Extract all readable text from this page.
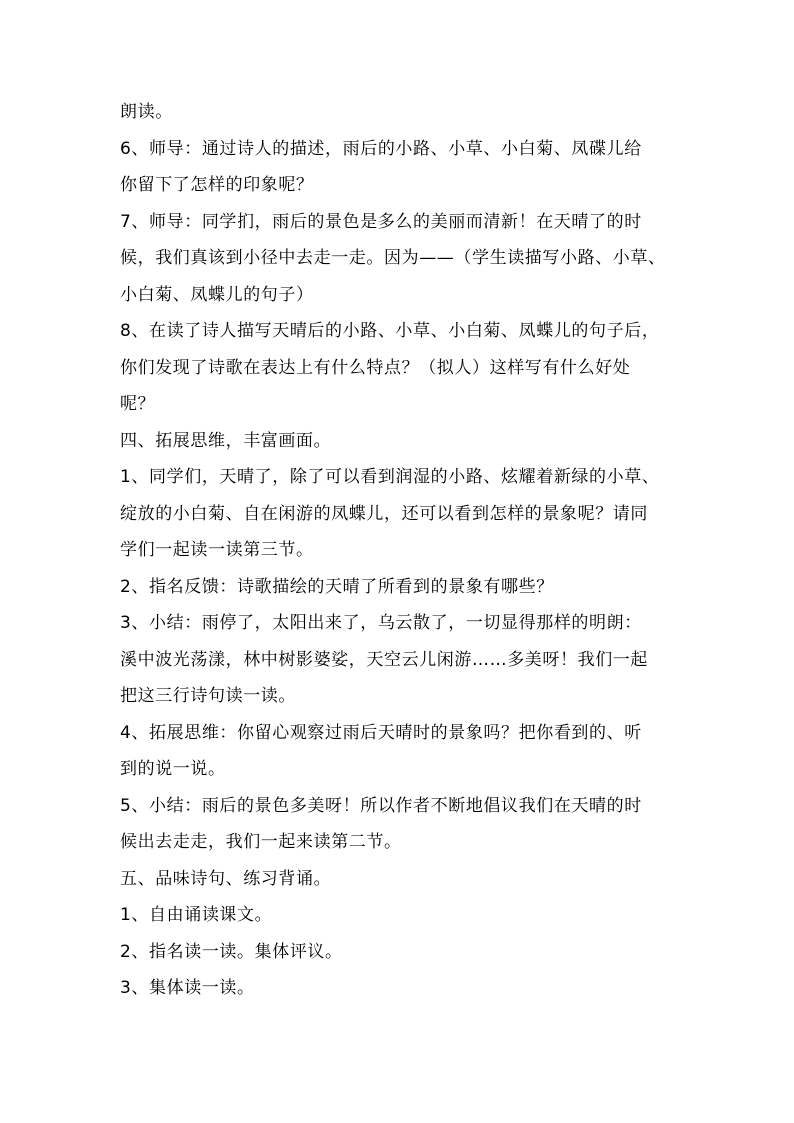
朗读。
6、师导：通过诗人的描述，雨后的小路、小草、小白菊、凤碟儿给
你留下了怎样的印象呢？
7、师导：同学扪，雨后的景色是多么的美丽而清新！在天晴了的时
候，我们真该到小径中去走一走。因为——（学生读描写小路、小草、
小白菊、凤蝶儿的句子）
8、在读了诗人描写天晴后的小路、小草、小白菊、凤蝶儿的句子后，
你们发现了诗歌在表达上有什么特点？（拟人）这样写有什么好处
呢？
四、拓展思维，丰富画面。
1、同学们，天晴了，除了可以看到润湿的小路、炫耀着新绿的小草、
绽放的小白菊、自在闲游的凤蝶儿，还可以看到怎样的景象呢？请同
学们一起读一读第三节。
2、指名反馈：诗歌描绘的天晴了所看到的景象有哪些？
3、小结：雨停了，太阳出来了，乌云散了，一切显得那样的明朗：
溪中波光荡漾，林中树影婆娑，天空云儿闲游……多美呀！我们一起
把这三行诗句读一读。
4、拓展思维：你留心观察过雨后天晴时的景象吗？把你看到的、听
到的说一说。
5、小结：雨后的景色多美呀！所以作者不断地倡议我们在天晴的时
候出去走走，我们一起来读第二节。
五、品味诗句、练习背诵。
1、自由诵读课文。
2、指名读一读。集体评议。
3、集体读一读。
